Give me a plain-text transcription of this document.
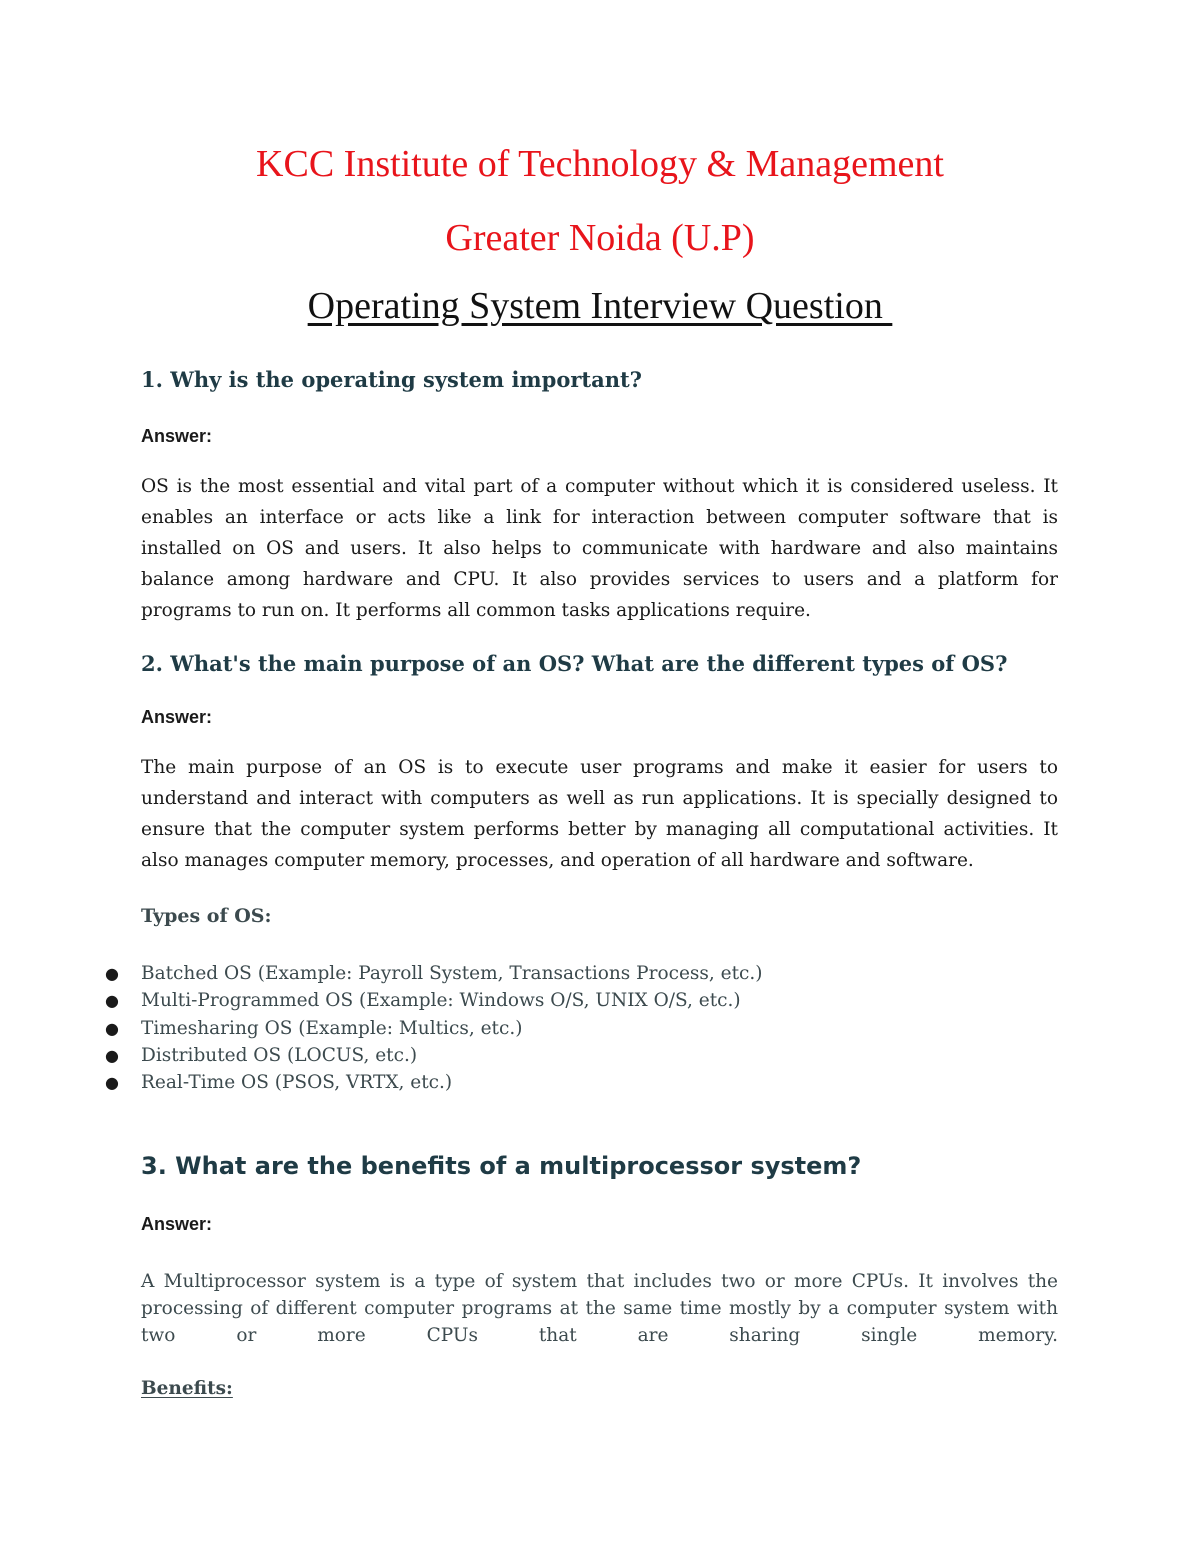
KCC Institute of Technology & Management
Greater Noida (U.P)
Operating System Interview Question
1. Why is the operating system important?
Answer:

OS is the most essential and vital part of a computer without which it is considered useless. It enables an interface or acts like a link for interaction between computer software that is installed on OS and users. It also helps to communicate with hardware and also maintains balance among hardware and CPU. It also provides services to users and a platform for programs to run on. It performs all common tasks applications require.

2. What's the main purpose of an OS? What are the different types of OS?
Answer:

The main purpose of an OS is to execute user programs and make it easier for users to understand and interact with computers as well as run applications. It is specially designed to ensure that the computer system performs better by managing all computational activities. It also manages computer memory, processes, and operation of all hardware and software.

Types of OS:
● Batched OS (Example: Payroll System, Transactions Process, etc.)
● Multi-Programmed OS (Example: Windows O/S, UNIX O/S, etc.)
● Timesharing OS (Example: Multics, etc.)
● Distributed OS (LOCUS, etc.)
● Real-Time OS (PSOS, VRTX, etc.)
3. What are the benefits of a multiprocessor system?
Answer:

A Multiprocessor system is a type of system that includes two or more CPUs. It involves the
processing of different computer programs at the same time mostly by a computer system with
two or more CPUs that are sharing single memory.

Benefits:
